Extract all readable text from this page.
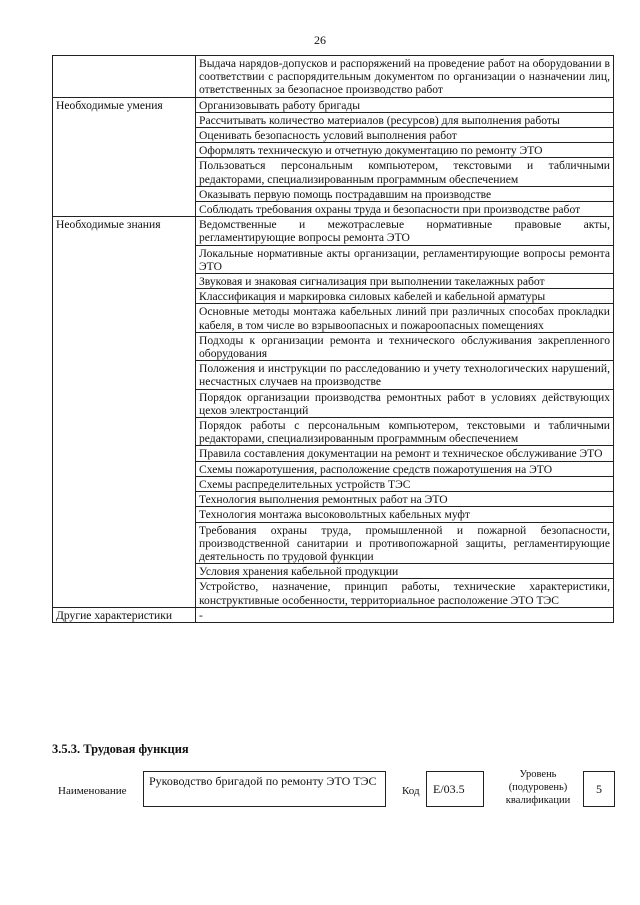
26
	Выдача нарядов-допусков и распоряжений на проведение работ на оборудовании в соответствии с распорядительным документом по организации о назначении лиц, ответственных за безопасное производство работ
Необходимые умения	Организовывать работу бригады
	Рассчитывать количество материалов (ресурсов) для выполнения работы
	Оценивать безопасность условий выполнения работ
	Оформлять техническую и отчетную документацию по ремонту ЭТО
	Пользоваться персональным компьютером, текстовыми и табличными редакторами, специализированным программным обеспечением
	Оказывать первую помощь пострадавшим на производстве
	Соблюдать требования охраны труда и безопасности при производстве работ
Необходимые знания	Ведомственные и межотраслевые нормативные правовые акты, регламентирующие вопросы ремонта ЭТО
	Локальные нормативные акты организации, регламентирующие вопросы ремонта ЭТО
	Звуковая и знаковая сигнализация при выполнении такелажных работ
	Классификация и маркировка силовых кабелей и кабельной арматуры
	Основные методы монтажа кабельных линий при различных способах прокладки кабеля, в том числе во взрывоопасных и пожароопасных помещениях
	Подходы к организации ремонта и технического обслуживания закрепленного оборудования
	Положения и инструкции по расследованию и учету технологических нарушений, несчастных случаев на производстве
	Порядок организации производства ремонтных работ в условиях действующих цехов электростанций
	Порядок работы с персональным компьютером, текстовыми и табличными редакторами, специализированным программным обеспечением
	Правила составления документации на ремонт и техническое обслуживание ЭТО
	Схемы пожаротушения, расположение средств пожаротушения на ЭТО
	Схемы распределительных устройств ТЭС
	Технология выполнения ремонтных работ на ЭТО
	Технология монтажа высоковольтных кабельных муфт
	Требования охраны труда, промышленной и пожарной безопасности, производственной санитарии и противопожарной защиты, регламентирующие деятельность по трудовой функции
	Условия хранения кабельной продукции
	Устройство, назначение, принцип работы, технические характеристики, конструктивные особенности, территориальное расположение ЭТО ТЭС
Другие характеристики	-
3.5.3. Трудовая функция
Наименование
Руководство бригадой по ремонту ЭТО ТЭС
Код	E/03.5
Уровень (подуровень) квалификации
5
